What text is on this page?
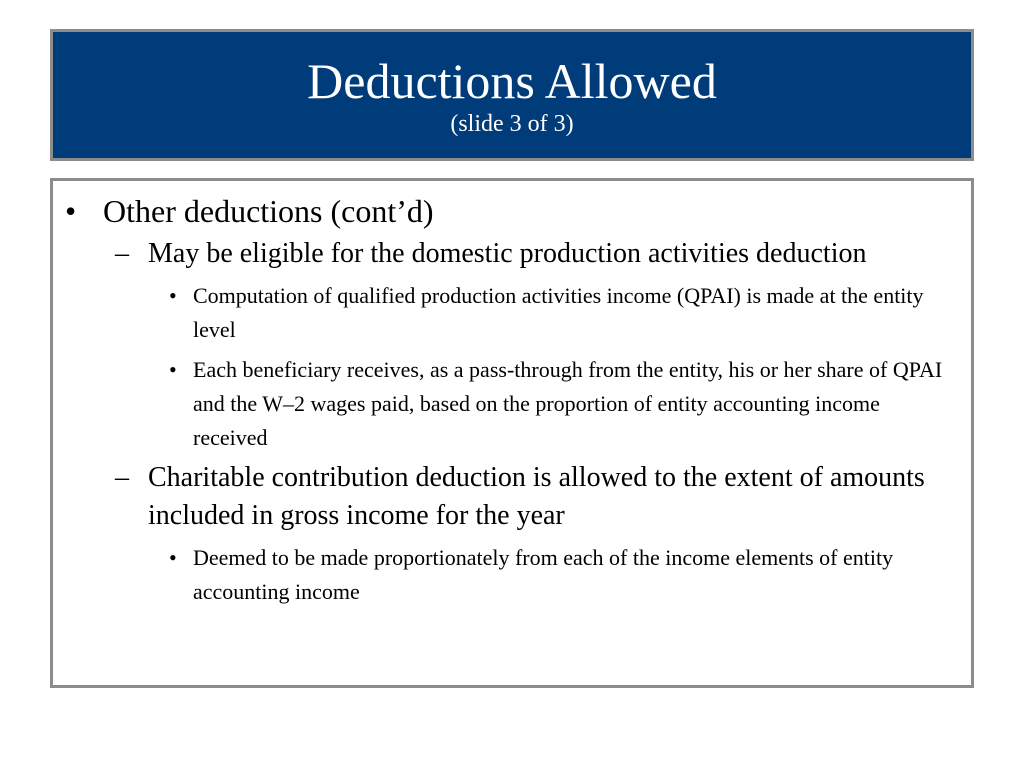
Deductions Allowed

(slide 3 of 3)

• Other deductions (cont’d)
– May be eligible for the domestic production activities deduction
• Computation of qualified production activities income (QPAI) is made at the entity level
• Each beneficiary receives, as a pass-through from the entity, his or her share of QPAI and the W–2 wages paid, based on the proportion of entity accounting income received
– Charitable contribution deduction is allowed to the extent of amounts included in gross income for the year
• Deemed to be made proportionately from each of the income elements of entity accounting income
